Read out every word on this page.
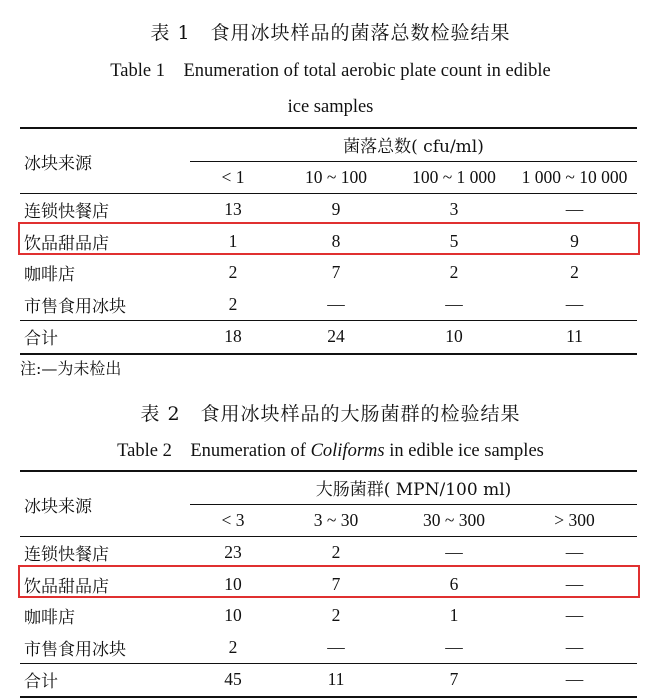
表 1　食用冰块样品的菌落总数检验结果
Table 1　Enumeration of total aerobic plate count in edible
ice samples
冰块来源	菌落总数( cfu/ml)			
	< 1	10 ~ 100	100 ~ 1 000	1 000 ~ 10 000
连锁快餐店	13	9	3	—
饮品甜品店	1	8	5	9
咖啡店	2	7	2	2
市售食用冰块	2	—	—	—
合计	18	24	10	11
注:—为未检出
表 2　食用冰块样品的大肠菌群的检验结果
Table 2　Enumeration of Coliforms in edible ice samples
冰块来源	大肠菌群( MPN/100 ml)			
	< 3	3 ~ 30	30 ~ 300	> 300
连锁快餐店	23	2	—	—
饮品甜品店	10	7	6	—
咖啡店	10	2	1	—
市售食用冰块	2	—	—	—
合计	45	11	7	—
